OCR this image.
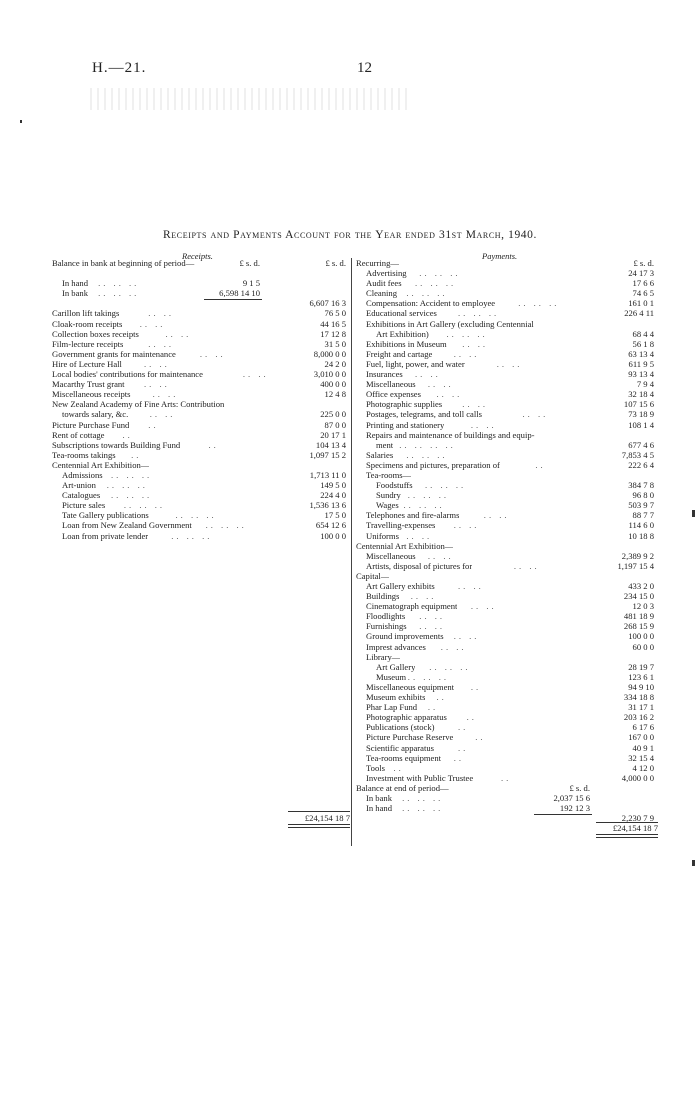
H.—21.	12
Receipts and Payments Account for the Year ended 31st March, 1940.
Receipts.	Payments.
Balance in bank at beginning of period—	£ s. d.	£ s. d.
In hand .. .. ..	9 1 5
In bank .. .. ..	6,598 14 10
6,607 16 3
Carillon lift takings	.. ..	76 5 0
Cloak-room receipts .. ..	44 16 5
Collection boxes receipts	.. ..	17 12 8
Film-lecture receipts	.. ..	31 5 0
Government grants for maintenance	.. ..	8,000 0 0
Hire of Lecture Hall	.. ..	24 2 0
Local bodies' contributions for maintenance	.. ..	3,010 0 0
Macarthy Trust grant .. ..	400 0 0
Miscellaneous receipts	.. ..	12 4 8
New Zealand Academy of Fine Arts: Contribution
towards salary, &c. .. ..	225 0 0
Picture Purchase Fund ..	87 0 0
Rent of cottage ..	20 17 1
Subscriptions towards Building Fund	..	104 13 4
Tea-rooms takings ..	1,097 15 2
Centennial Art Exhibition—
Admissions .. .. ..	1,713 11 0
Art-union .. .. ..	149 5 0
Catalogues .. .. ..	224 4 0
Picture sales .. .. ..	1,536 13 6
Tate Gallery publications	.. .. ..	17 5 0
Loan from New Zealand Government .. .. ..	654 12 6
Loan from private lender	.. .. ..	100 0 0
£24,154 18 7
Recurring—	£ s. d.
Advertising .. .. ..	24 17 3
Audit fees .. .. ..	17 6 6
Cleaning .. .. ..	74 6 5
Compensation: Accident to employee	.. .. ..	161 0 1
Educational services .. .. ..	226 4 11
Exhibitions in Art Gallery (excluding Centennial
Art Exhibition) .. .. ..	68 4 4
Exhibitions in Museum .. ..	56 1 8
Freight and cartage .. ..	63 13 4
Fuel, light, power, and water	.. ..	611 9 5
Insurances .. ..	93 13 4
Miscellaneous .. ..	7 9 4
Office expenses .. ..	32 18 4
Photographic supplies .. ..	107 15 6
Postages, telegrams, and toll calls	.. ..	73 18 9
Printing and stationery	.. ..	108 1 4
Repairs and maintenance of buildings and equip-
ment .. .. .. ..	677 4 6
Salaries .. .. ..	7,853 4 5
Specimens and pictures, preparation of	..	222 6 4
Tea-rooms—
Foodstuffs .. .. ..	384 7 8
Sundry .. .. ..	96 8 0
Wages .. .. ..	503 9 7
Telephones and fire-alarms	.. ..	88 7 7
Travelling-expenses .. ..	114 6 0
Uniforms .. ..	10 18 8
Centennial Art Exhibition—
Miscellaneous .. ..	2,389 9 2
Artists, disposal of pictures for	.. ..	1,197 15 4
Capital—
Art Gallery exhibits	.. ..	433 2 0
Buildings .. ..	234 15 0
Cinematograph equipment .. ..	12 0 3
Floodlights .. ..	481 18 9
Furnishings .. ..	268 15 9
Ground improvements .. ..	100 0 0
Imprest advances .. ..	60 0 0
Library—
Art Gallery .. .. ..	28 19 7
Museum .. .. ..	123 6 1
Miscellaneous equipment ..	94 9 10
Museum exhibits ..	334 18 8
Phar Lap Fund ..	31 17 1
Photographic apparatus ..	203 16 2
Publications (stock)	..	6 17 6
Picture Purchase Reserve	..	167 0 0
Scientific apparatus	..	40 9 1
Tea-rooms equipment ..	32 15 4
Tools ..	4 12 0
Investment with Public Trustee	..	4,000 0 0
Balance at end of period—	£ s. d.
In bank .. .. ..	2,037 15 6
In hand .. .. ..	192 12 3
2,230 7 9
£24,154 18 7
